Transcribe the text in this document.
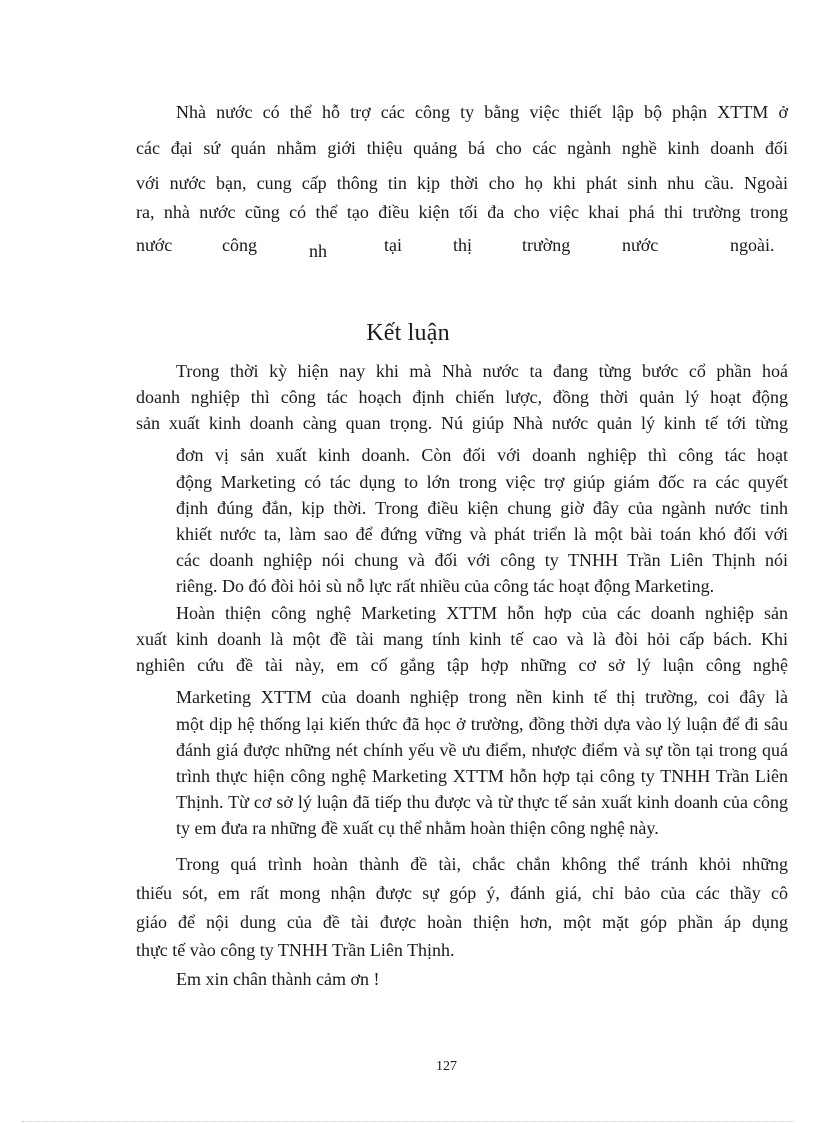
Nhà nước có thể hỗ trợ các công ty bằng việc thiết lập bộ phận XTTM ở

các đại sứ quán nhằm giới thiệu quảng bá cho các ngành nghề kinh doanh đối

với nước bạn, cung cấp thông tin kịp thời cho họ khi phát sinh nhu cầu. Ngoài

ra, nhà nước cũng có thể tạo điều kiện tối đa cho việc khai phá thi trường trong

nước	công	nh	tại	thị	trường	nước	ngoài.
Kết luận

Trong thời kỳ hiện nay khi mà Nhà nước ta đang từng bước cổ phần hoá

doanh nghiệp thì công tác hoạch định chiến lược, đồng thời quản lý hoạt động

sản xuất kinh doanh càng quan trọng. Nú giúp Nhà nước quản lý kinh tế tới từng

đơn vị sản xuất kinh doanh. Còn đối với doanh nghiệp thì công tác hoạt

động Marketing có tác dụng to lớn trong việc trợ giúp giám đốc ra các quyết

định đúng đắn, kịp thời. Trong điều kiện chung giờ đây của ngành nước tinh

khiết nước ta, làm sao để đứng vững và phát triển là một bài toán khó đối với

các doanh nghiệp nói chung và đối với công ty TNHH Trần Liên Thịnh nói

riêng. Do đó đòi hỏi sù nỗ lực rất nhiều của công tác hoạt động Marketing.

Hoàn thiện công nghệ Marketing XTTM hỗn hợp của các doanh nghiệp sản

xuất kinh doanh là một đề tài mang tính kinh tế cao và là đòi hỏi cấp bách. Khi

nghiên cứu đề tài này, em cố gắng tập hợp những cơ sở lý luận công nghệ

Marketing XTTM của doanh nghiệp trong nền kinh tế thị trường, coi đây là

một dịp hệ thống lại kiến thức đã học ở trường, đồng thời dựa vào lý luận để đi sâu

đánh giá được những nét chính yếu về ưu điểm, nhược điểm và sự tồn tại trong quá

trình thực hiện công nghệ Marketing XTTM hỗn hợp tại công ty TNHH Trần Liên

Thịnh. Từ cơ sở lý luận đã tiếp thu được và từ thực tế sản xuất kinh doanh của công

ty em đưa ra những đề xuất cụ thể nhằm hoàn thiện công nghệ này.

Trong quá trình hoàn thành đề tài, chắc chắn không thể tránh khỏi những

thiếu sót, em rất mong nhận được sự góp ý, đánh giá, chỉ bảo của các thầy cô

giáo để nội dung của đề tài được hoàn thiện hơn, một mặt góp phần áp dụng

thực tế vào công ty TNHH Trần Liên Thịnh.

Em xin chân thành cảm ơn !

127
